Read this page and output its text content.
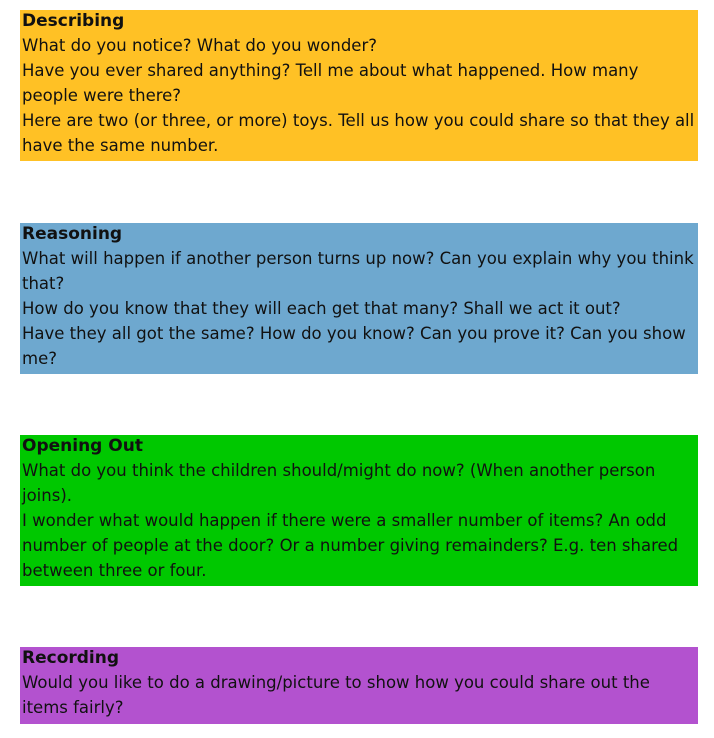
Describing

What do you notice? What do you wonder?

Have you ever shared anything? Tell me about what happened. How many people were there?

Here are two (or three, or more) toys. Tell us how you could share so that they all have the same number.

Reasoning

What will happen if another person turns up now? Can you explain why you think that?

How do you know that they will each get that many? Shall we act it out?

Have they all got the same? How do you know? Can you prove it? Can you show me?

Opening Out

What do you think the children should/might do now? (When another person joins).

I wonder what would happen if there were a smaller number of items? An odd number of people at the door? Or a number giving remainders? E.g. ten shared between three or four.

Recording

Would you like to do a drawing/picture to show how you could share out the items fairly?
